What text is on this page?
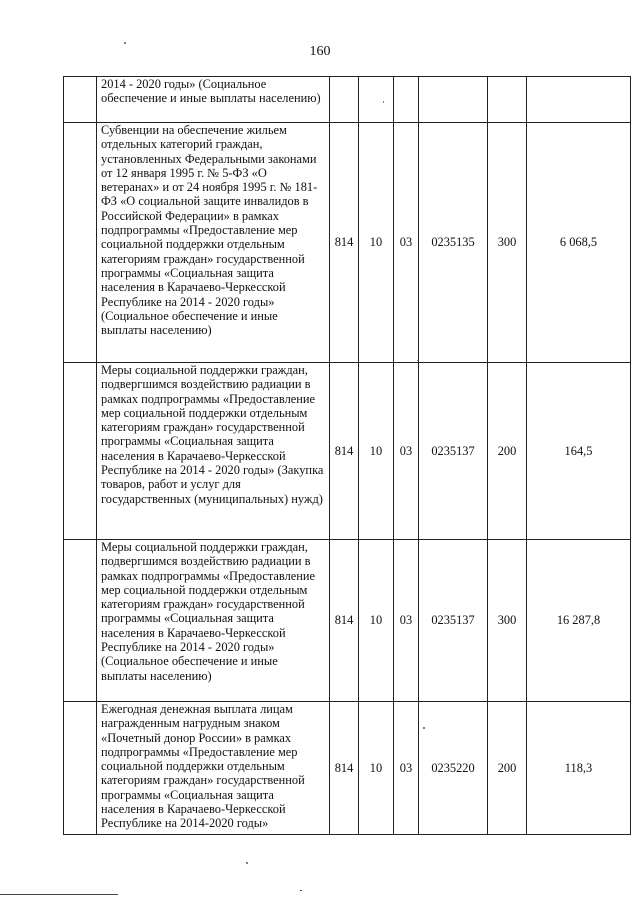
160
	2014 - 2020 годы» (Социальное обеспечение и иные выплаты населению)						
	Субвенции на обеспечение жильем отдельных категорий граждан, установленных Федеральными законами от 12 января 1995 г. № 5-ФЗ «О ветеранах» и от 24 ноября 1995 г. № 181-ФЗ «О социальной защите инвалидов в Российской Федерации» в рамках подпрограммы «Предоставление мер социальной поддержки отдельным категориям граждан» государственной программы «Социальная защита населения в Карачаево-Черкесской Республике на 2014 - 2020 годы» (Социальное обеспечение и иные выплаты населению)	814	10	03	0235135	300	6 068,5
	Меры социальной поддержки граждан, подвергшимся воздействию радиации в рамках подпрограммы «Предоставление мер социальной поддержки отдельным категориям граждан» государственной программы «Социальная защита населения в Карачаево-Черкесской Республике на 2014 - 2020 годы» (Закупка товаров, работ и услуг для государственных (муниципальных) нужд)	814	10	03	0235137	200	164,5
	Меры социальной поддержки граждан, подвергшимся воздействию радиации в рамках подпрограммы «Предоставление мер социальной поддержки отдельным категориям граждан» государственной программы «Социальная защита населения в Карачаево-Черкесской Республике на 2014 - 2020 годы» (Социальное обеспечение и иные выплаты населению)	814	10	03	0235137	300	16 287,8
	Ежегодная денежная выплата лицам награжденным нагрудным знаком «Почетный донор России» в рамках подпрограммы «Предоставление мер социальной поддержки отдельным категориям граждан» государственной программы «Социальная защита населения в Карачаево-Черкесской Республике на 2014-2020 годы»	814	10	03	0235220	200	118,3
